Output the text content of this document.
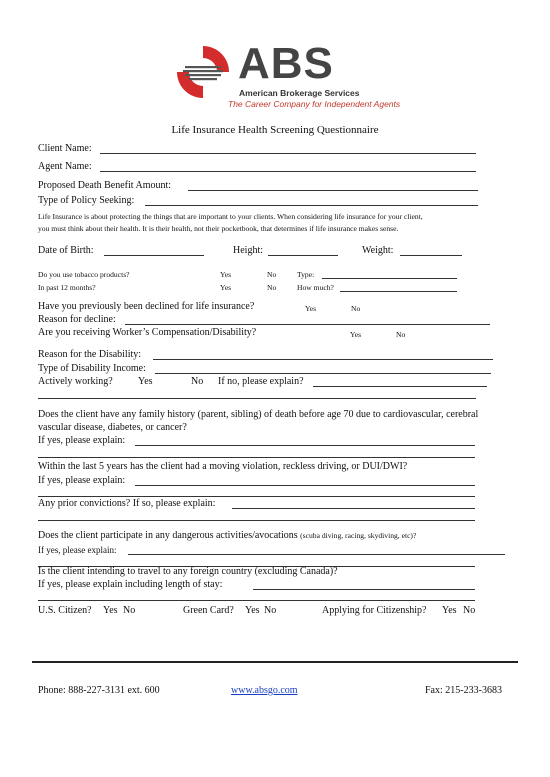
ABS
American Brokerage Services
The Career Company for Independent Agents
Life Insurance Health Screening Questionnaire
Client Name:
Agent Name:
Proposed Death Benefit Amount:
Type of Policy Seeking:
Life Insurance is about protecting the things that are important to your clients. When considering life insurance for your client,
you must think about their health. It is their health, not their pocketbook, that determines if life insurance makes sense.
Date of Birth:	Height:	Weight:
Do you use tobacco products?	Yes	No	Type:
In past 12 months?	Yes	No	How much?
Have you previously been declined for life insurance?	Yes	No
Reason for decline:
Are you receiving Worker’s Compensation/Disability?	Yes	No
Reason for the Disability:
Type of Disability Income:
Actively working?	Yes	No If no, please explain?
Does the client have any family history (parent, sibling) of death before age 70 due to cardiovascular, cerebral
vascular disease, diabetes, or cancer?
If yes, please explain:
Within the last 5 years has the client had a moving violation, reckless driving, or DUI/DWI?
If yes, please explain:
Any prior convictions? If so, please explain:
Does the client participate in any dangerous activities/avocations (scuba diving, racing, skydiving, etc)?
If yes, please explain:
Is the client intending to travel to any foreign country (excluding Canada)?
If yes, please explain including length of stay:
U.S. Citizen? Yes No	Green Card? Yes No	Applying for Citizenship? Yes No
Phone: 888-227-3131 ext. 600	www.absgo.com	Fax: 215-233-3683
